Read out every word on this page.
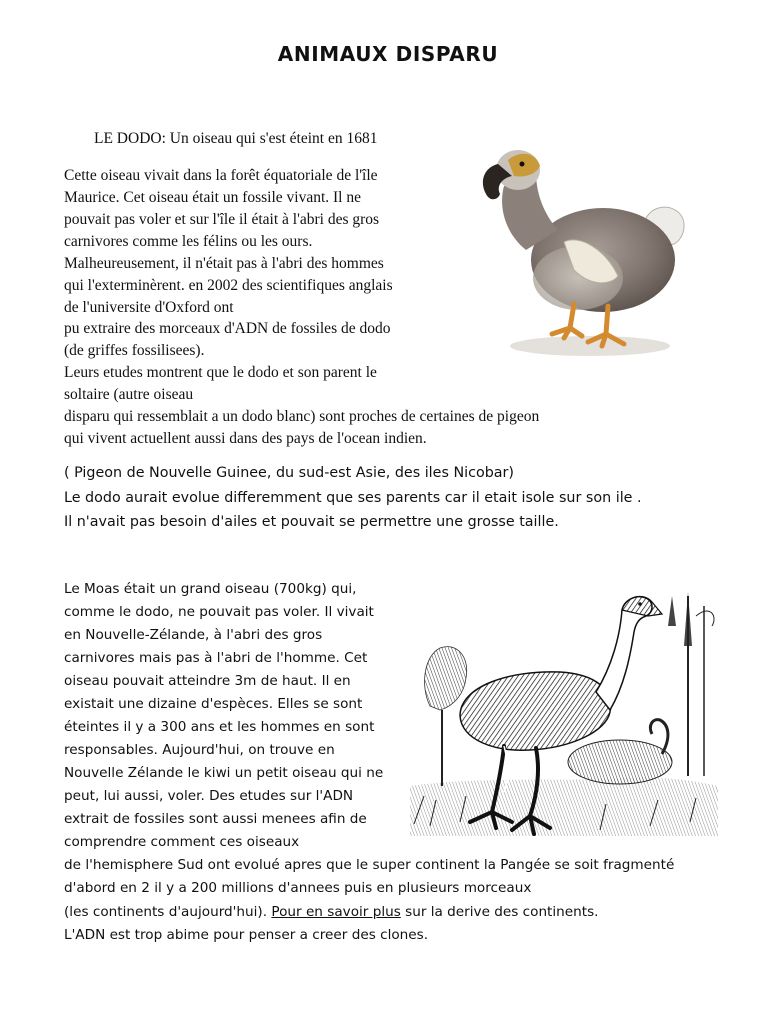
ANIMAUX DISPARU
LE DODO: Un oiseau qui s'est éteint en 1681
Cette oiseau vivait dans la forêt équatoriale de l'île
Maurice. Cet oiseau était un fossile vivant. Il ne
pouvait pas voler et sur l'île il était à l'abri des gros
carnivores comme les félins ou les ours.
Malheureusement, il n'était pas à l'abri des hommes
qui l'exterminèrent. en 2002 des scientifiques anglais
de l'universite d'Oxford ont
pu extraire des morceaux d'ADN de fossiles de dodo
(de griffes fossilisees).
Leurs etudes montrent que le dodo et son parent le
soltaire (autre oiseau
disparu qui ressemblait a un dodo blanc) sont proches de certaines de pigeon
qui vivent actuellent aussi dans des pays de l'ocean indien.
( Pigeon de Nouvelle Guinee, du sud-est Asie, des iles Nicobar)
Le dodo aurait evolue differemment que ses parents car il etait isole sur son ile .
Il n'avait pas besoin d'ailes et pouvait se permettre une grosse taille.
Le Moas était un grand oiseau (700kg) qui,
comme le dodo, ne pouvait pas voler. Il vivait
en Nouvelle-Zélande, à l'abri des gros
carnivores mais pas à l'abri de l'homme. Cet
oiseau pouvait atteindre 3m de haut. Il en
existait une dizaine d'espèces. Elles se sont
éteintes il y a 300 ans et les hommes en sont
responsables. Aujourd'hui, on trouve en
Nouvelle Zélande le kiwi un petit oiseau qui ne
peut, lui aussi, voler. Des etudes sur l'ADN
extrait de fossiles sont aussi menees afin de
comprendre comment ces oiseaux
de l'hemisphere Sud ont evolué apres que le super continent la Pangée se soit fragmenté
d'abord en 2 il y a 200 millions d'annees puis en plusieurs morceaux
(les continents d'aujourd'hui). Pour en savoir plus sur la derive des continents.
L'ADN est trop abime pour penser a creer des clones.
